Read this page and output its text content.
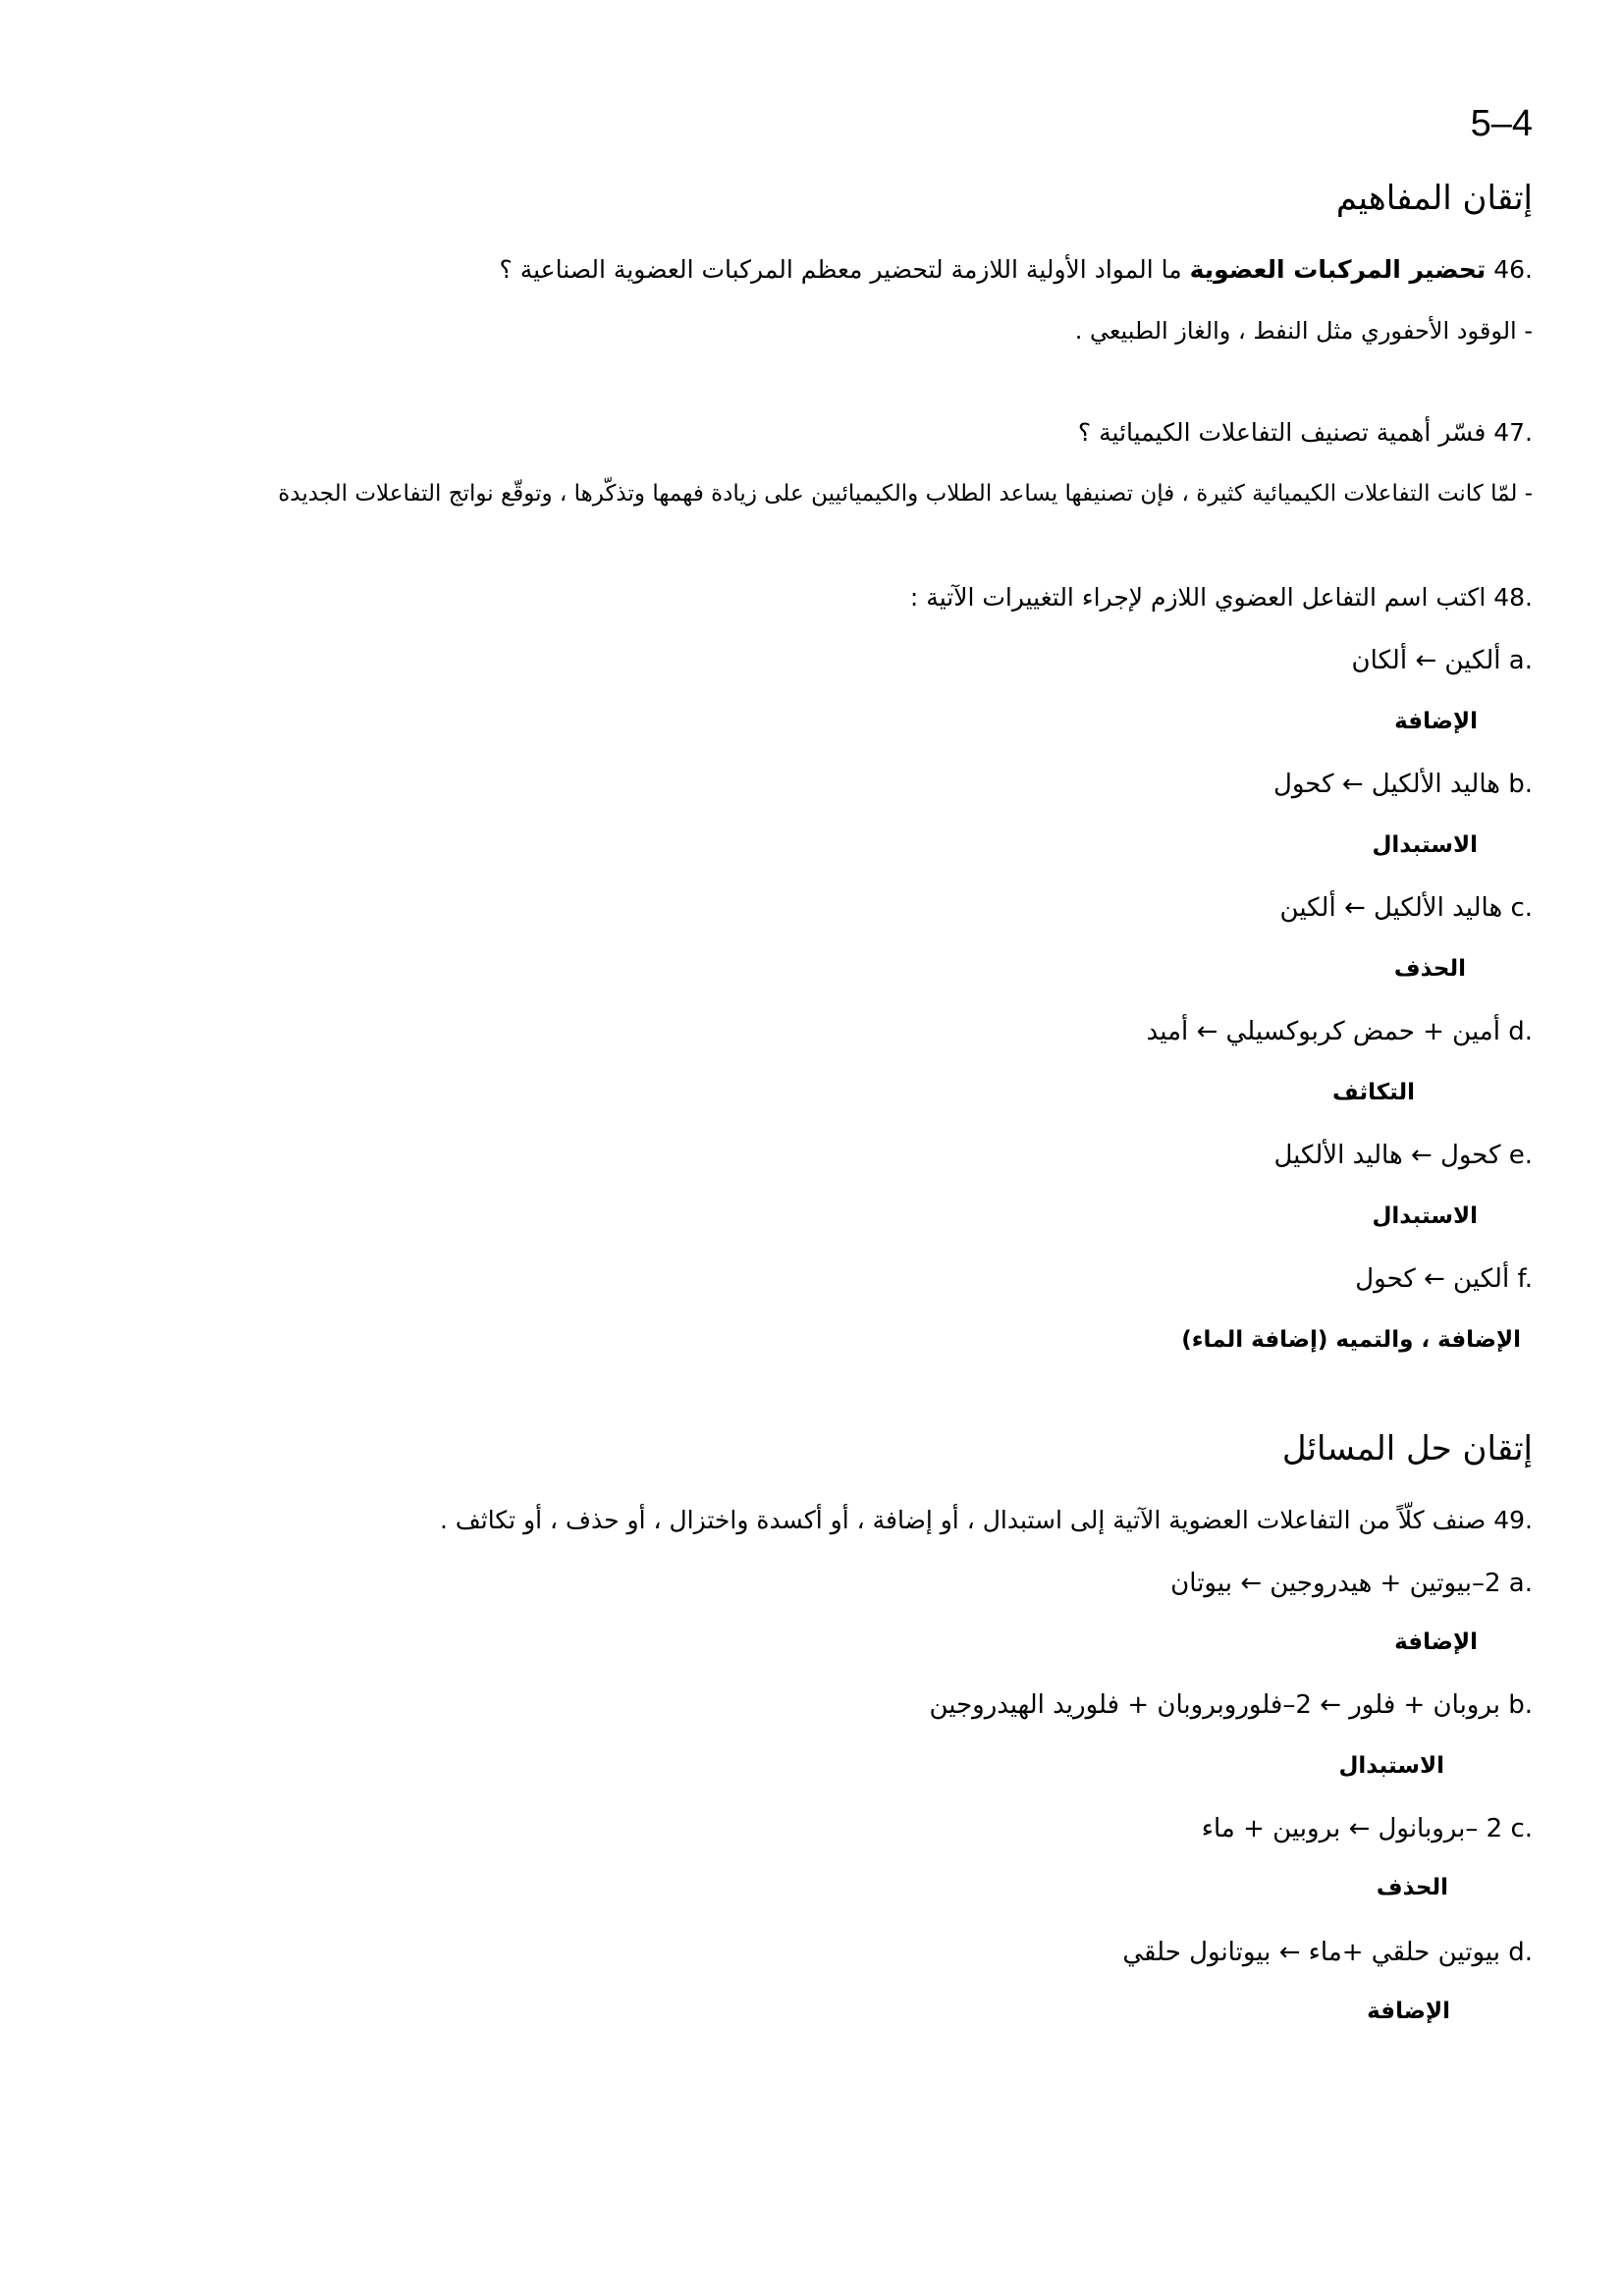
5–4
إتقان المفاهيم
46. تحضير المركبات العضوية ما المواد الأولية اللازمة لتحضير معظم المركبات العضوية الصناعية ؟
- الوقود الأحفوري مثل النفط ، والغاز الطبيعي .
47. فسّر أهمية تصنيف التفاعلات الكيميائية ؟
- لمّا كانت التفاعلات الكيميائية كثيرة ، فإن تصنيفها يساعد الطلاب والكيميائيين على زيادة فهمها وتذكّرها ، وتوقّع نواتج التفاعلات الجديدة
48. اكتب اسم التفاعل العضوي اللازم لإجراء التغييرات الآتية :
a. ألكين ← ألكان
الإضافة
b. هاليد الألكيل ← كحول
الاستبدال
c. هاليد الألكيل ← ألكين
الحذف
d. أمين + حمض كربوكسيلي ← أميد
التكاثف
e. كحول ← هاليد الألكيل
الاستبدال
f. ألكين ← كحول
الإضافة ، والتميه (إضافة الماء)
إتقان حل المسائل
49. صنف كلّاً من التفاعلات العضوية الآتية إلى استبدال ، أو إضافة ، أو أكسدة واختزال ، أو حذف ، أو تكاثف .
a. 2–بيوتين + هيدروجين ← بيوتان
الإضافة
b. بروبان + فلور ← 2–فلوروبروبان + فلوريد الهيدروجين
الاستبدال
c. 2 –بروبانول ← بروبين + ماء
الحذف
d. بيوتين حلقي +ماء ← بيوتانول حلقي
الإضافة
